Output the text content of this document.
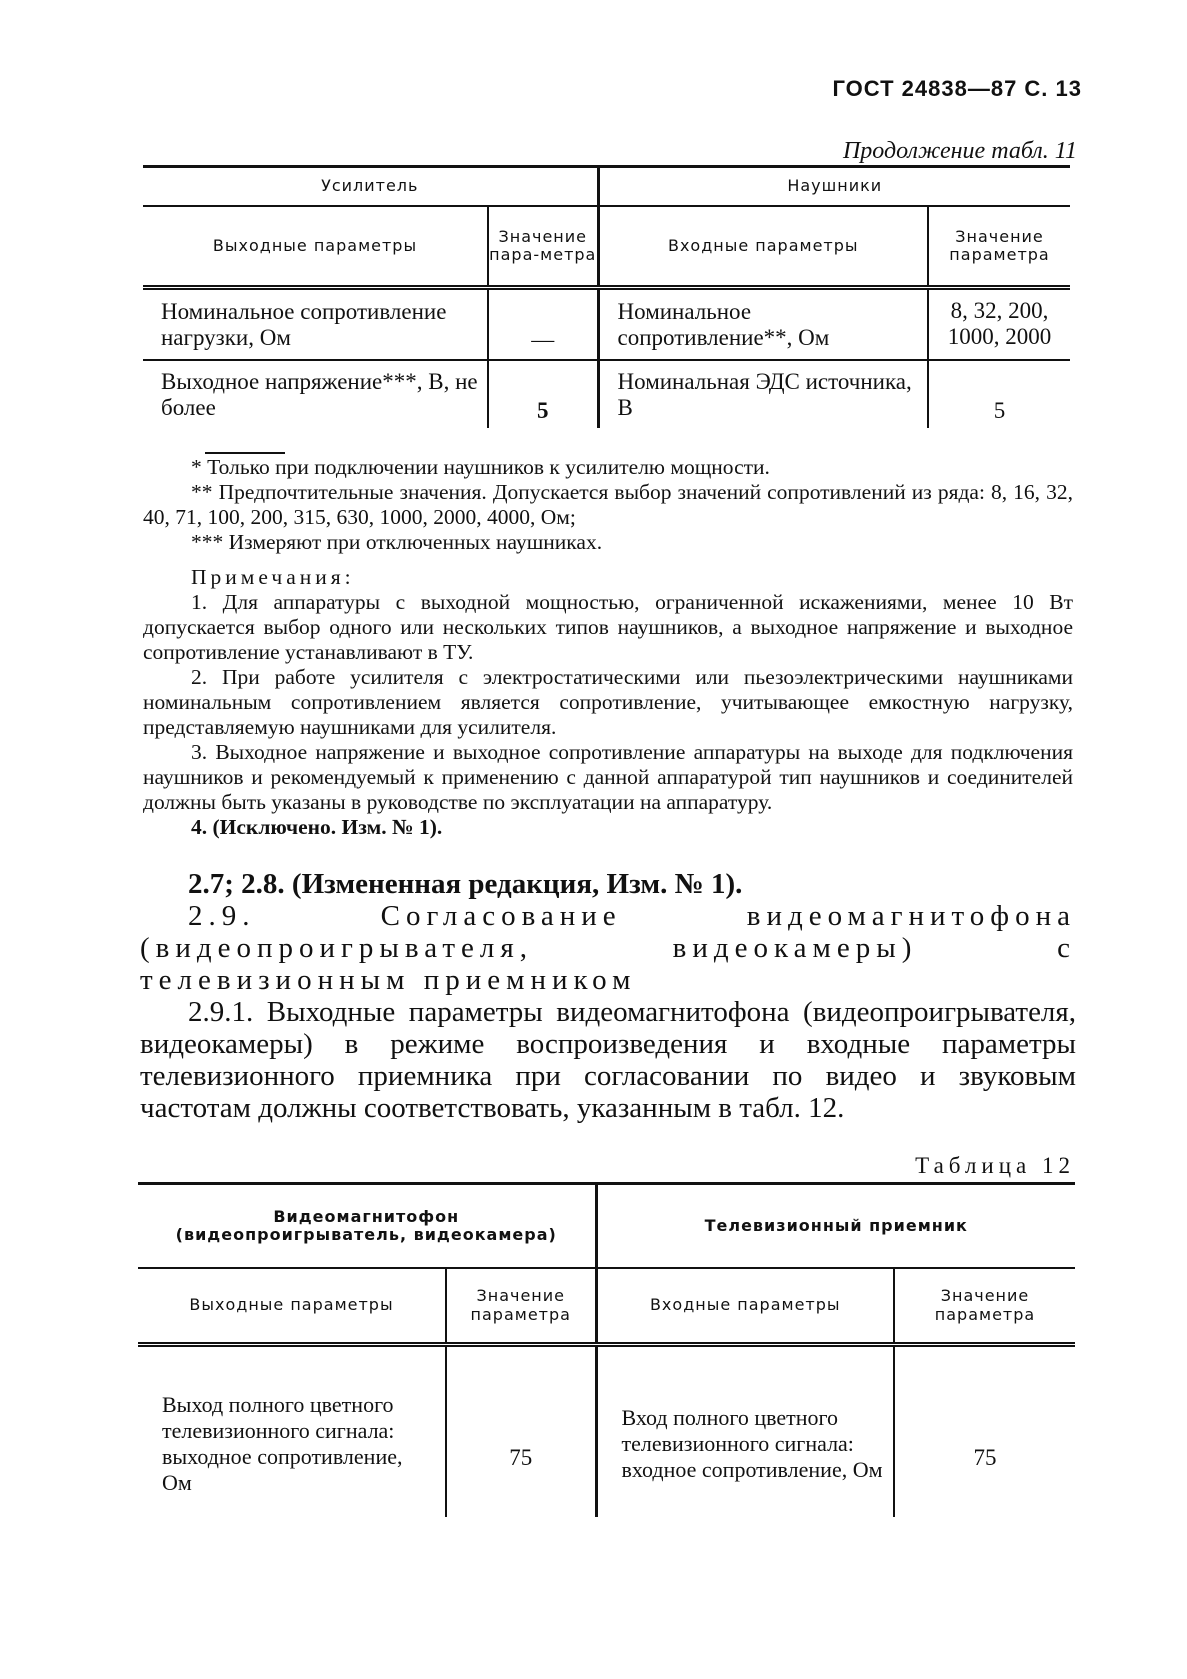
ГОСТ 24838—87 С. 13
Продолжение табл. 11
Усилитель		Наушники	
Выходные параметры	Значение пара-метра	Входные параметры	Значение параметра
Номинальное сопротивление нагрузки, Ом	—	Номинальное сопротивление**, Ом	8, 32, 200, 1000, 2000
Выходное напряжение***, В, не более	5	Номинальная ЭДС источника, В	5

* Только при подключении наушников к усилителю мощности.

** Предпочтительные значения. Допускается выбор значений сопротивлений из ряда: 8, 16, 32, 40, 71, 100, 200, 315, 630, 1000, 2000, 4000, Ом;

*** Измеряют при отключенных наушниках.

Примечания:

1. Для аппаратуры с выходной мощностью, ограниченной искажениями, менее 10 Вт допускается выбор одного или нескольких типов наушников, а выходное напряжение и выходное сопротивление устанавливают в ТУ.

2. При работе усилителя с электростатическими или пьезоэлектрическими наушниками номинальным сопротивлением является сопротивление, учитывающее емкостную нагрузку, представляемую наушниками для усилителя.

3. Выходное напряжение и выходное сопротивление аппаратуры на выходе для подключения наушников и рекомендуемый к применению с данной аппаратурой тип наушников и соединителей должны быть указаны в руководстве по эксплуатации на аппаратуру.

4. (Исключено. Изм. № 1).

2.7; 2.8. (Измененная редакция, Изм. № 1).

2.9. Согласование видеомагнитофона (видеопроигрывателя, видеокамеры) с телевизионным приемником

2.9.1. Выходные параметры видеомагнитофона (видеопроигрывателя, видеокамеры) в режиме воспроизведения и входные параметры телевизионного приемника при согласовании по видео и звуковым частотам должны соответствовать, указанным в табл. 12.

Таблица 12
Видеомагнитофон (видеопроигрыватель, видеокамера)		Телевизионный приемник	
Выходные параметры	Значение параметра	Входные параметры	Значение параметра
Выход полного цветного телевизионного сигнала: выходное сопротивление, Ом	75	Вход полного цветного телевизионного сигнала: входное сопротивление, Ом	75
